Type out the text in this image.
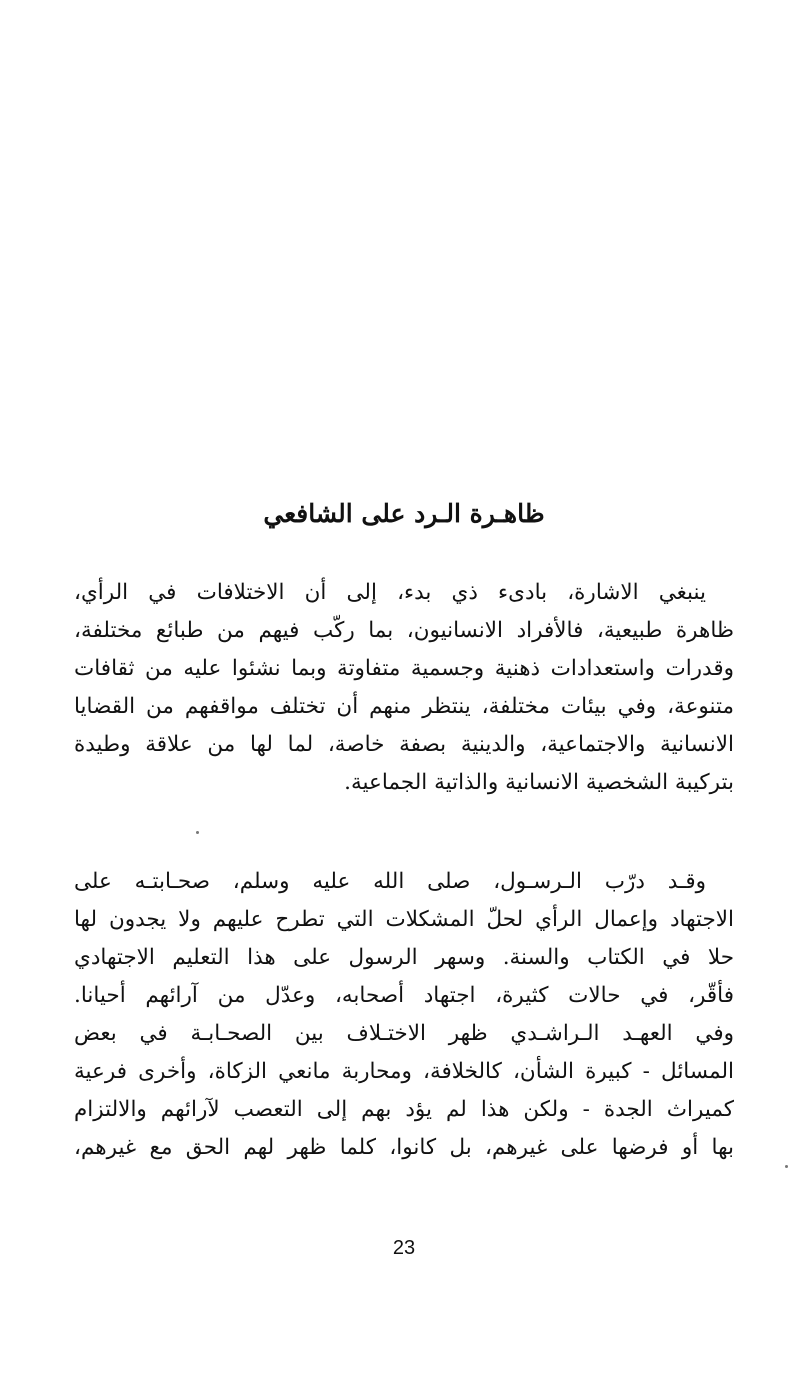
ظاهـرة الـرد على الشافعي
ينبغي الاشارة، بادىء ذي بدء، إلى أن الاختلافات في الرأي،
ظاهرة طبيعية، فالأفراد الانسانيون، بما ركّب فيهم من طبائع مختلفة،
وقدرات واستعدادات ذهنية وجسمية متفاوتة وبما نشئوا عليه من ثقافات
متنوعة، وفي بيئات مختلفة، ينتظر منهم أن تختلف مواقفهم من القضايا
الانسانية والاجتماعية، والدينية بصفة خاصة، لما لها من علاقة وطيدة
بتركيبة الشخصية الانسانية والذاتية الجماعية.
وقـد درّب الـرسـول، صلى الله عليه وسلم، صحـابتـه على
الاجتهاد وإعمال الرأي لحلّ المشكلات التي تطرح عليهم ولا يجدون لها
حلا في الكتاب والسنة. وسهر الرسول على هذا التعليم الاجتهادي
فأقّر، في حالات كثيرة، اجتهاد أصحابه، وعدّل من آرائهم أحيانا.
وفي العهـد الـراشـدي ظهر الاختـلاف بين الصحـابـة في بعض
المسائل - كبيرة الشأن، كالخلافة، ومحاربة مانعي الزكاة، وأخرى فرعية
كميراث الجدة - ولكن هذا لم يؤد بهم إلى التعصب لآرائهم والالتزام
بها أو فرضها على غيرهم، بل كانوا، كلما ظهر لهم الحق مع غيرهم،
23
